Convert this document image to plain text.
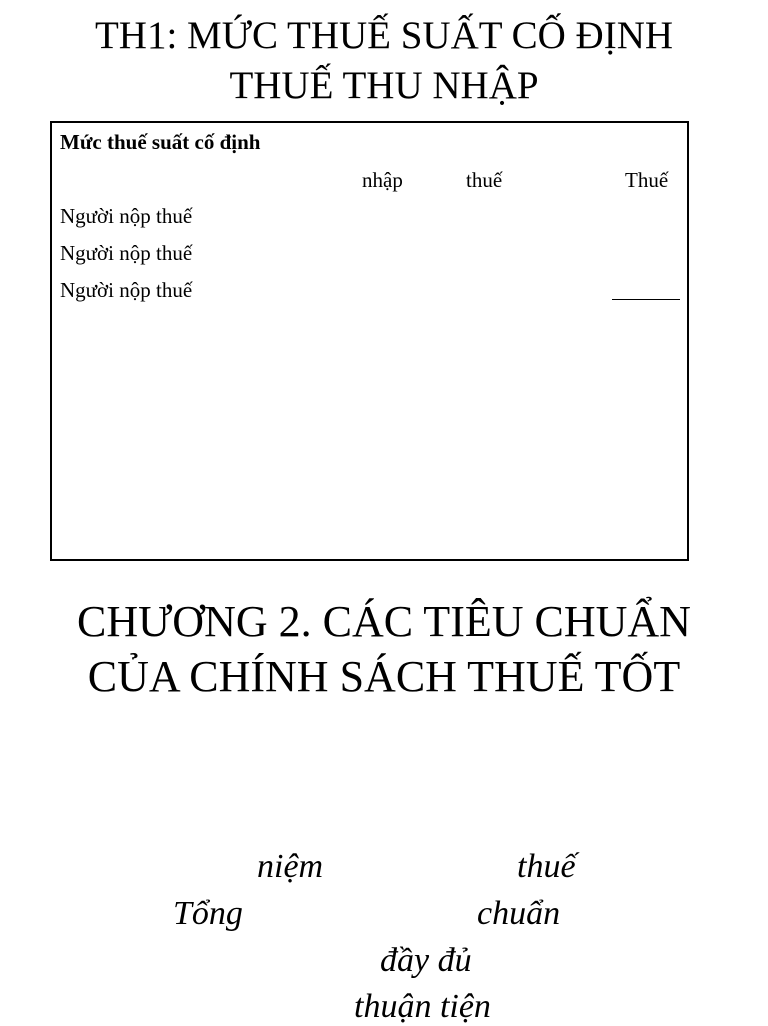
TH1: MỨC THUẾ SUẤT CỐ ĐỊNH
THUẾ THU NHẬP
Mức thuế suất cố định
nhập	thuế	Thuế
Người nộp thuế
Người nộp thuế
Người nộp thuế
CHƯƠNG 2. CÁC TIÊU CHUẨN
CỦA CHÍNH SÁCH THUẾ TỐT
niệm	thuế
Tổng	chuẩn
đầy đủ
thuận tiện
